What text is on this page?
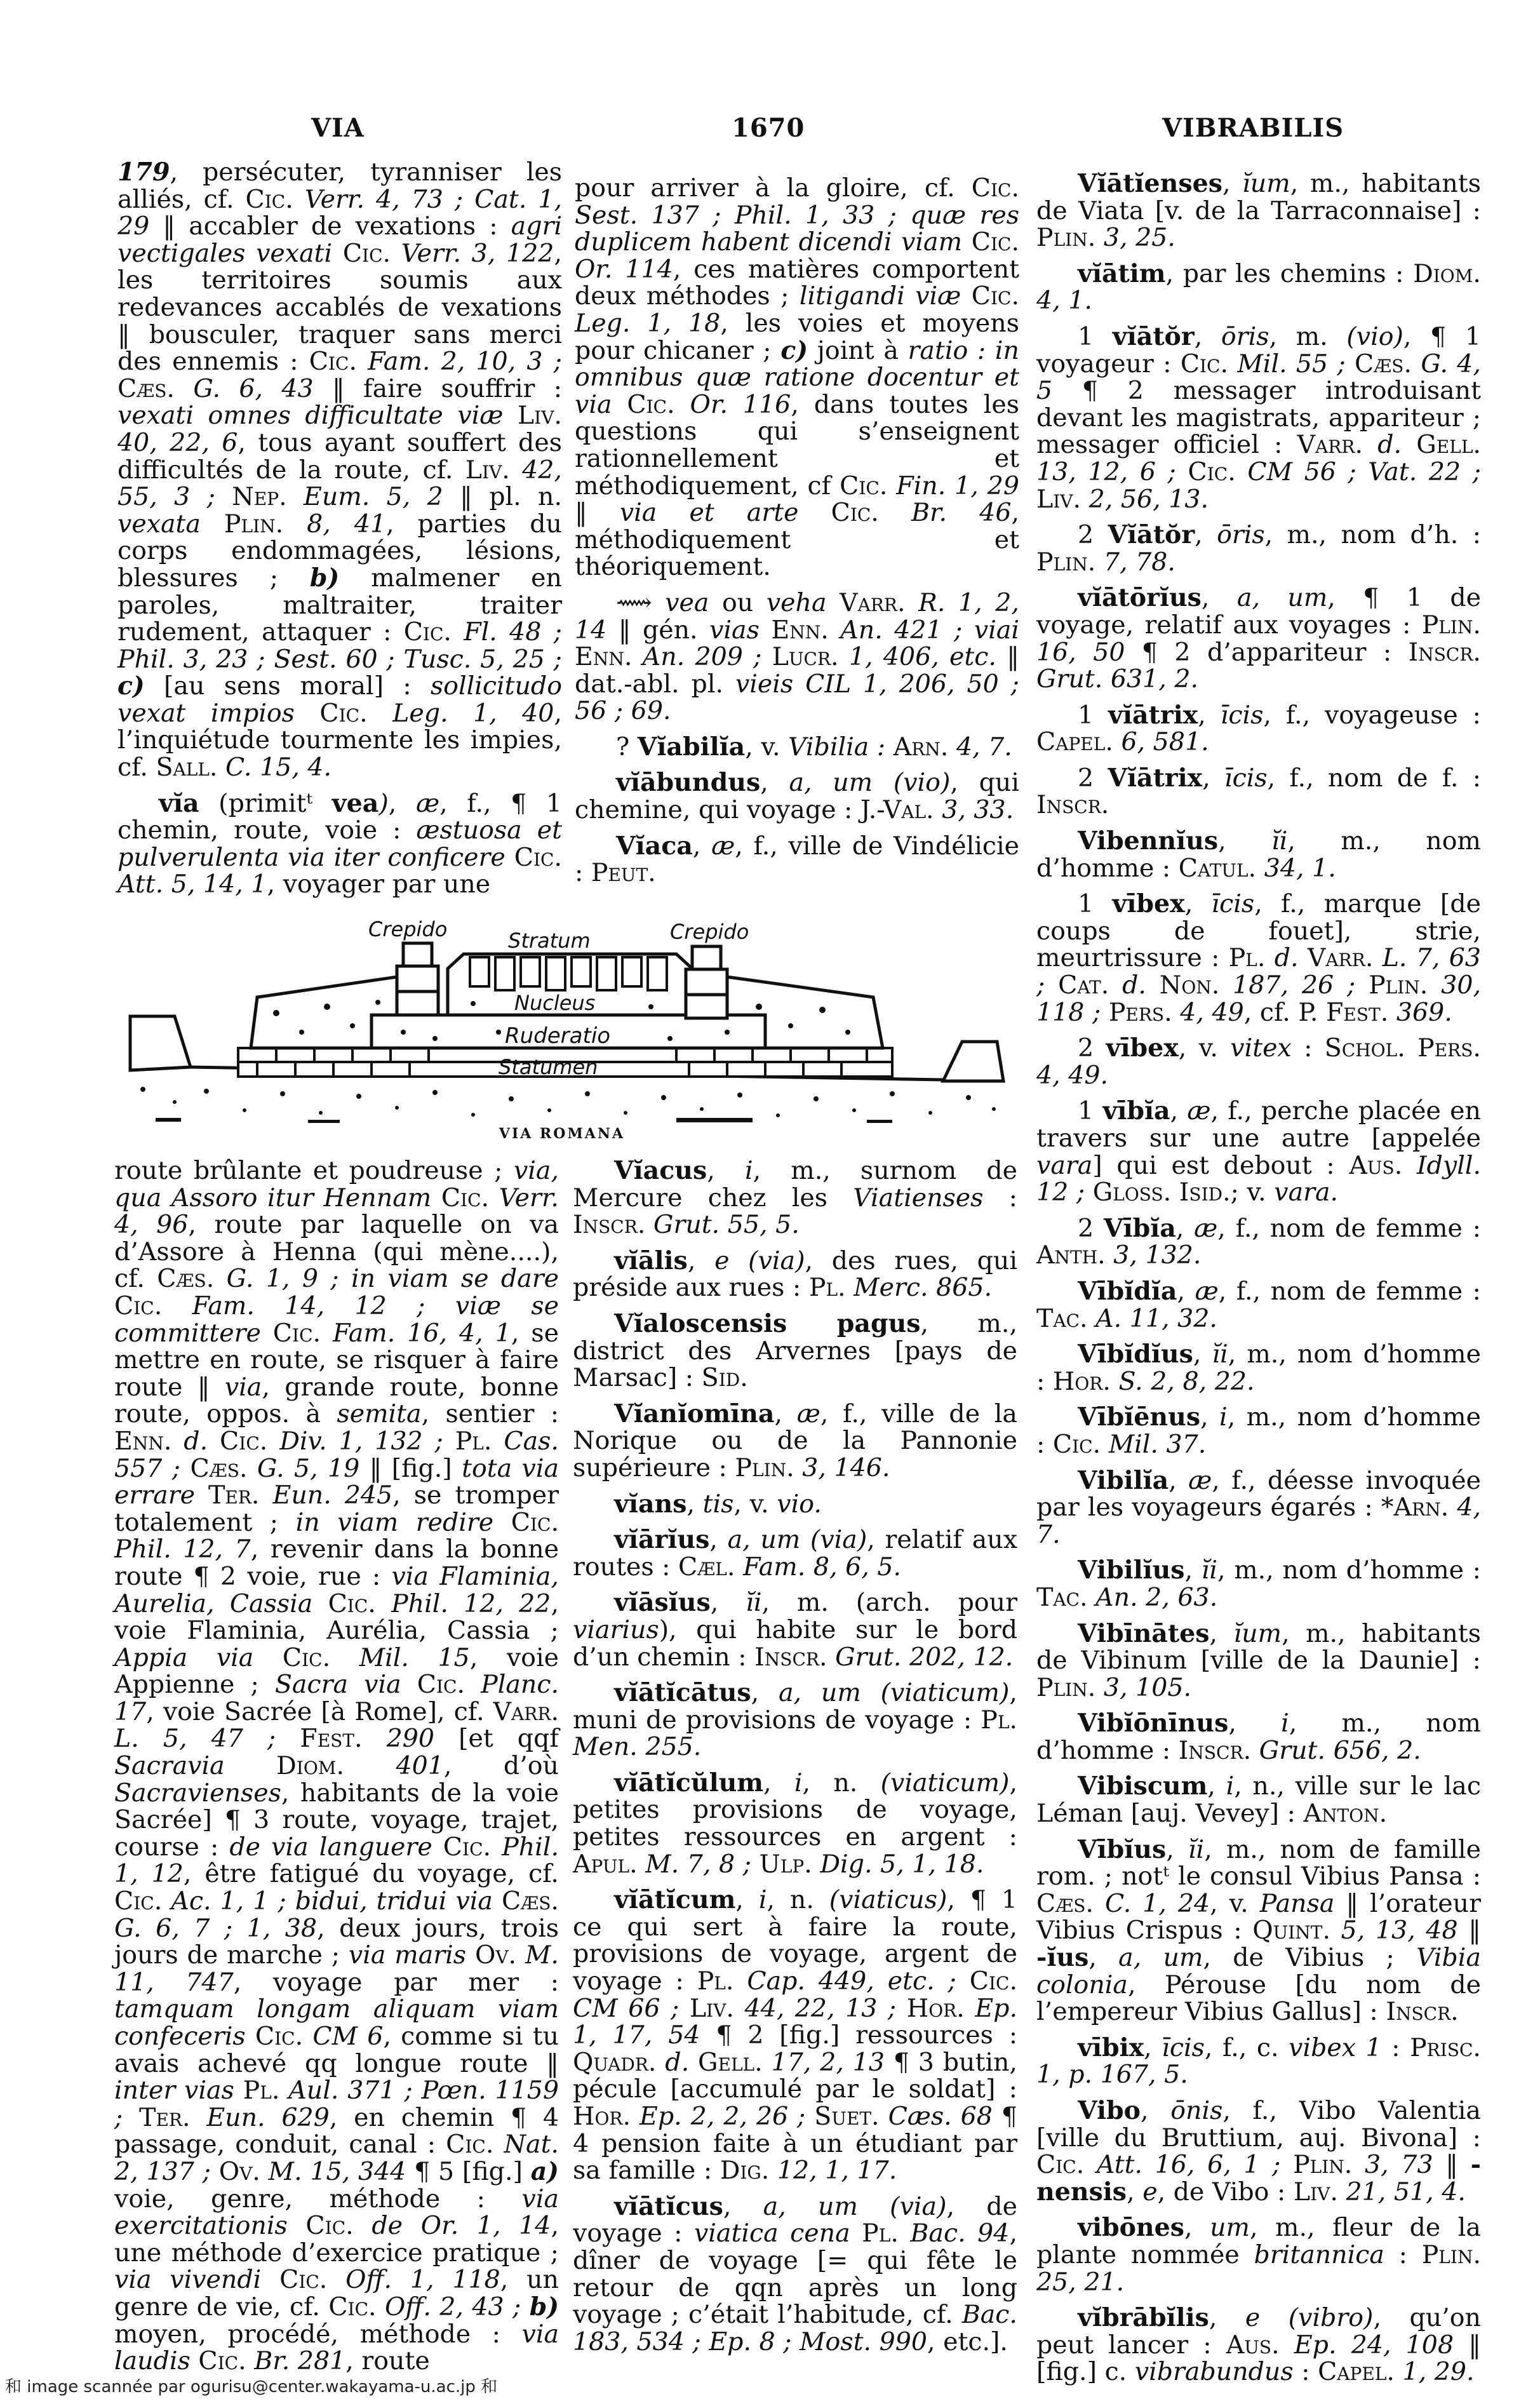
VIA	1670	VIBRABILIS

179, persécuter, tyranniser les alliés, cf. Cic. Verr. 4, 73 ; Cat. 1, 29 ‖ accabler de vexations : agri vectigales vexati Cic. Verr. 3, 122, les territoires soumis aux redevances accablés de vexations ‖ bousculer, traquer sans merci des ennemis : Cic. Fam. 2, 10, 3 ; Cæs. G. 6, 43 ‖ faire souffrir : vexati omnes difficultate viæ Liv. 40, 22, 6, tous ayant souffert des difficultés de la route, cf. Liv. 42, 55, 3 ; Nep. Eum. 5, 2 ‖ pl. n. vexata Plin. 8, 41, parties du corps endommagées, lésions, blessures ; b) malmener en paroles, maltraiter, traiter rudement, attaquer : Cic. Fl. 48 ; Phil. 3, 23 ; Sest. 60 ; Tusc. 5, 25 ; c) [au sens moral] : sollicitudo vexat impios Cic. Leg. 1, 40, l’inquiétude tourmente les impies, cf. Sall. C. 15, 4.

vĭa (primitᵗ vea), æ, f., ¶ 1 chemin, route, voie : æstuosa et pulverulenta via iter conficere Cic. Att. 5, 14, 1, voyager par une

pour arriver à la gloire, cf. Cic. Sest. 137 ; Phil. 1, 33 ; quæ res duplicem habent dicendi viam Cic. Or. 114, ces matières comportent deux méthodes ; litigandi viæ Cic. Leg. 1, 18, les voies et moyens pour chicaner ; c) joint à ratio : in omnibus quæ ratione docentur et via Cic. Or. 116, dans toutes les questions qui s’enseignent rationnellement et méthodiquement, cf Cic. Fin. 1, 29 ‖ via et arte Cic. Br. 46, méthodiquement et théoriquement.

⟿ vea ou veha Varr. R. 1, 2, 14 ‖ gén. vias Enn. An. 421 ; viai Enn. An. 209 ; Lucr. 1, 406, etc. ‖ dat.-abl. pl. vieis CIL 1, 206, 50 ; 56 ; 69.

? Vĭabilĭa, v. Vibilia : Arn. 4, 7.

vĭābundus, a, um (vio), qui chemine, qui voyage : J.-Val. 3, 33.

Vĭaca, æ, f., ville de Vindélicie : Peut.

Vĭātĭenses, ĭum, m., habitants de Viata [v. de la Tarraconnaise] : Plin. 3, 25.

vĭātim, par les chemins : Diom. 4, 1.

1 vĭātŏr, ōris, m. (vio), ¶ 1 voyageur : Cic. Mil. 55 ; Cæs. G. 4, 5 ¶ 2 messager introduisant devant les magistrats, appariteur ; messager officiel : Varr. d. Gell. 13, 12, 6 ; Cic. CM 56 ; Vat. 22 ; Liv. 2, 56, 13.

2 Vĭātŏr, ōris, m., nom d’h. : Plin. 7, 78.

vĭātōrĭus, a, um, ¶ 1 de voyage, relatif aux voyages : Plin. 16, 50 ¶ 2 d’appariteur : Inscr. Grut. 631, 2.

1 vĭātrix, īcis, f., voyageuse : Capel. 6, 581.

2 Vĭātrix, īcis, f., nom de f. : Inscr.

Vibennĭus, ĭi, m., nom d’homme : Catul. 34, 1.

1 vībex, īcis, f., marque [de coups de fouet], strie, meurtrissure : Pl. d. Varr. L. 7, 63 ; Cat. d. Non. 187, 26 ; Plin. 30, 118 ; Pers. 4, 49, cf. P. Fest. 369.

2 vībex, v. vitex : Schol. Pers. 4, 49.

1 vībĭa, æ, f., perche placée en travers sur une autre [appelée vara] qui est debout : Aus. Idyll. 12 ; Gloss. Isid.; v. vara.

2 Vībĭa, æ, f., nom de femme : Anth. 3, 132.

Vībĭdĭa, æ, f., nom de femme : Tac. A. 11, 32.

Vībĭdĭus, ĭi, m., nom d’homme : Hor. S. 2, 8, 22.

Vībĭēnus, i, m., nom d’homme : Cic. Mil. 37.

Vibilĭa, æ, f., déesse invoquée par les voyageurs égarés : *Arn. 4, 7.

Vibilĭus, ĭi, m., nom d’homme : Tac. An. 2, 63.

Vibīnātes, ĭum, m., habitants de Vibinum [ville de la Daunie] : Plin. 3, 105.

Vibĭōnīnus, i, m., nom d’homme : Inscr. Grut. 656, 2.

Vibiscum, i, n., ville sur le lac Léman [auj. Vevey] : Anton.

Vībĭus, ĭi, m., nom de famille rom. ; notᵗ le consul Vibius Pansa : Cæs. C. 1, 24, v. Pansa ‖ l’orateur Vibius Crispus : Quint. 5, 13, 48 ‖ -ĭus, a, um, de Vibius ; Vibia colonia, Pérouse [du nom de l’empereur Vibius Gallus] : Inscr.

vībix, īcis, f., c. vibex 1 : Prisc. 1, p. 167, 5.

Vibo, ōnis, f., Vibo Valentia [ville du Bruttium, auj. Bivona] : Cic. Att. 16, 6, 1 ; Plin. 3, 73 ‖ -nensis, e, de Vibo : Liv. 21, 51, 4.

vibōnes, um, m., fleur de la plante nommée britannica : Plin. 25, 21.

vĭbrābĭlis, e (vibro), qu’on peut lancer : Aus. Ep. 24, 108 ‖ [fig.] c. vibrabundus : Capel. 1, 29.

Nucleus
Ruderatio
Statumen
Crepido	Stratum	Crepido
VIA ROMANA

route brûlante et poudreuse ; via, qua Assoro itur Hennam Cic. Verr. 4, 96, route par laquelle on va d’Assore à Henna (qui mène....), cf. Cæs. G. 1, 9 ; in viam se dare Cic. Fam. 14, 12 ; viæ se committere Cic. Fam. 16, 4, 1, se mettre en route, se risquer à faire route ‖ via, grande route, bonne route, oppos. à semita, sentier : Enn. d. Cic. Div. 1, 132 ; Pl. Cas. 557 ; Cæs. G. 5, 19 ‖ [fig.] tota via errare Ter. Eun. 245, se tromper totalement ; in viam redire Cic. Phil. 12, 7, revenir dans la bonne route ¶ 2 voie, rue : via Flaminia, Aurelia, Cassia Cic. Phil. 12, 22, voie Flaminia, Aurélia, Cassia ; Appia via Cic. Mil. 15, voie Appienne ; Sacra via Cic. Planc. 17, voie Sacrée [à Rome], cf. Varr. L. 5, 47 ; Fest. 290 [et qqf Sacravia Diom. 401, d’où Sacravienses, habitants de la voie Sacrée] ¶ 3 route, voyage, trajet, course : de via languere Cic. Phil. 1, 12, être fatigué du voyage, cf. Cic. Ac. 1, 1 ; bidui, tridui via Cæs. G. 6, 7 ; 1, 38, deux jours, trois jours de marche ; via maris Ov. M. 11, 747, voyage par mer : tamquam longam aliquam viam confeceris Cic. CM 6, comme si tu avais achevé qq longue route ‖ inter vias Pl. Aul. 371 ; Pœn. 1159 ; Ter. Eun. 629, en chemin ¶ 4 passage, conduit, canal : Cic. Nat. 2, 137 ; Ov. M. 15, 344 ¶ 5 [fig.] a) voie, genre, méthode : via exercitationis Cic. de Or. 1, 14, une méthode d’exercice pratique ; via vivendi Cic. Off. 1, 118, un genre de vie, cf. Cic. Off. 2, 43 ; b) moyen, procédé, méthode : via laudis Cic. Br. 281, route

Vĭacus, i, m., surnom de Mercure chez les Viatienses : Inscr. Grut. 55, 5.

vĭālis, e (via), des rues, qui préside aux rues : Pl. Merc. 865.

Vĭaloscensis pagus, m., district des Arvernes [pays de Marsac] : Sid.

Vĭanĭomīna, æ, f., ville de la Norique ou de la Pannonie supérieure : Plin. 3, 146.

vĭans, tis, v. vio.

vĭārĭus, a, um (via), relatif aux routes : Cæl. Fam. 8, 6, 5.

vĭāsĭus, ĭi, m. (arch. pour viarius), qui habite sur le bord d’un chemin : Inscr. Grut. 202, 12.

vĭātĭcātus, a, um (viaticum), muni de provisions de voyage : Pl. Men. 255.

vĭātĭcŭlum, i, n. (viaticum), petites provisions de voyage, petites ressources en argent : Apul. M. 7, 8 ; Ulp. Dig. 5, 1, 18.

vĭātĭcum, i, n. (viaticus), ¶ 1 ce qui sert à faire la route, provisions de voyage, argent de voyage : Pl. Cap. 449, etc. ; Cic. CM 66 ; Liv. 44, 22, 13 ; Hor. Ep. 1, 17, 54 ¶ 2 [fig.] ressources : Quadr. d. Gell. 17, 2, 13 ¶ 3 butin, pécule [accumulé par le soldat] : Hor. Ep. 2, 2, 26 ; Suet. Cæs. 68 ¶ 4 pension faite à un étudiant par sa famille : Dig. 12, 1, 17.

vĭātĭcus, a, um (via), de voyage : viatica cena Pl. Bac. 94, dîner de voyage [= qui fête le retour de qqn après un long voyage ; c’était l’habitude, cf. Bac. 183, 534 ; Ep. 8 ; Most. 990, etc.].

和 image scannée par ogurisu@center.wakayama-u.ac.jp 和
